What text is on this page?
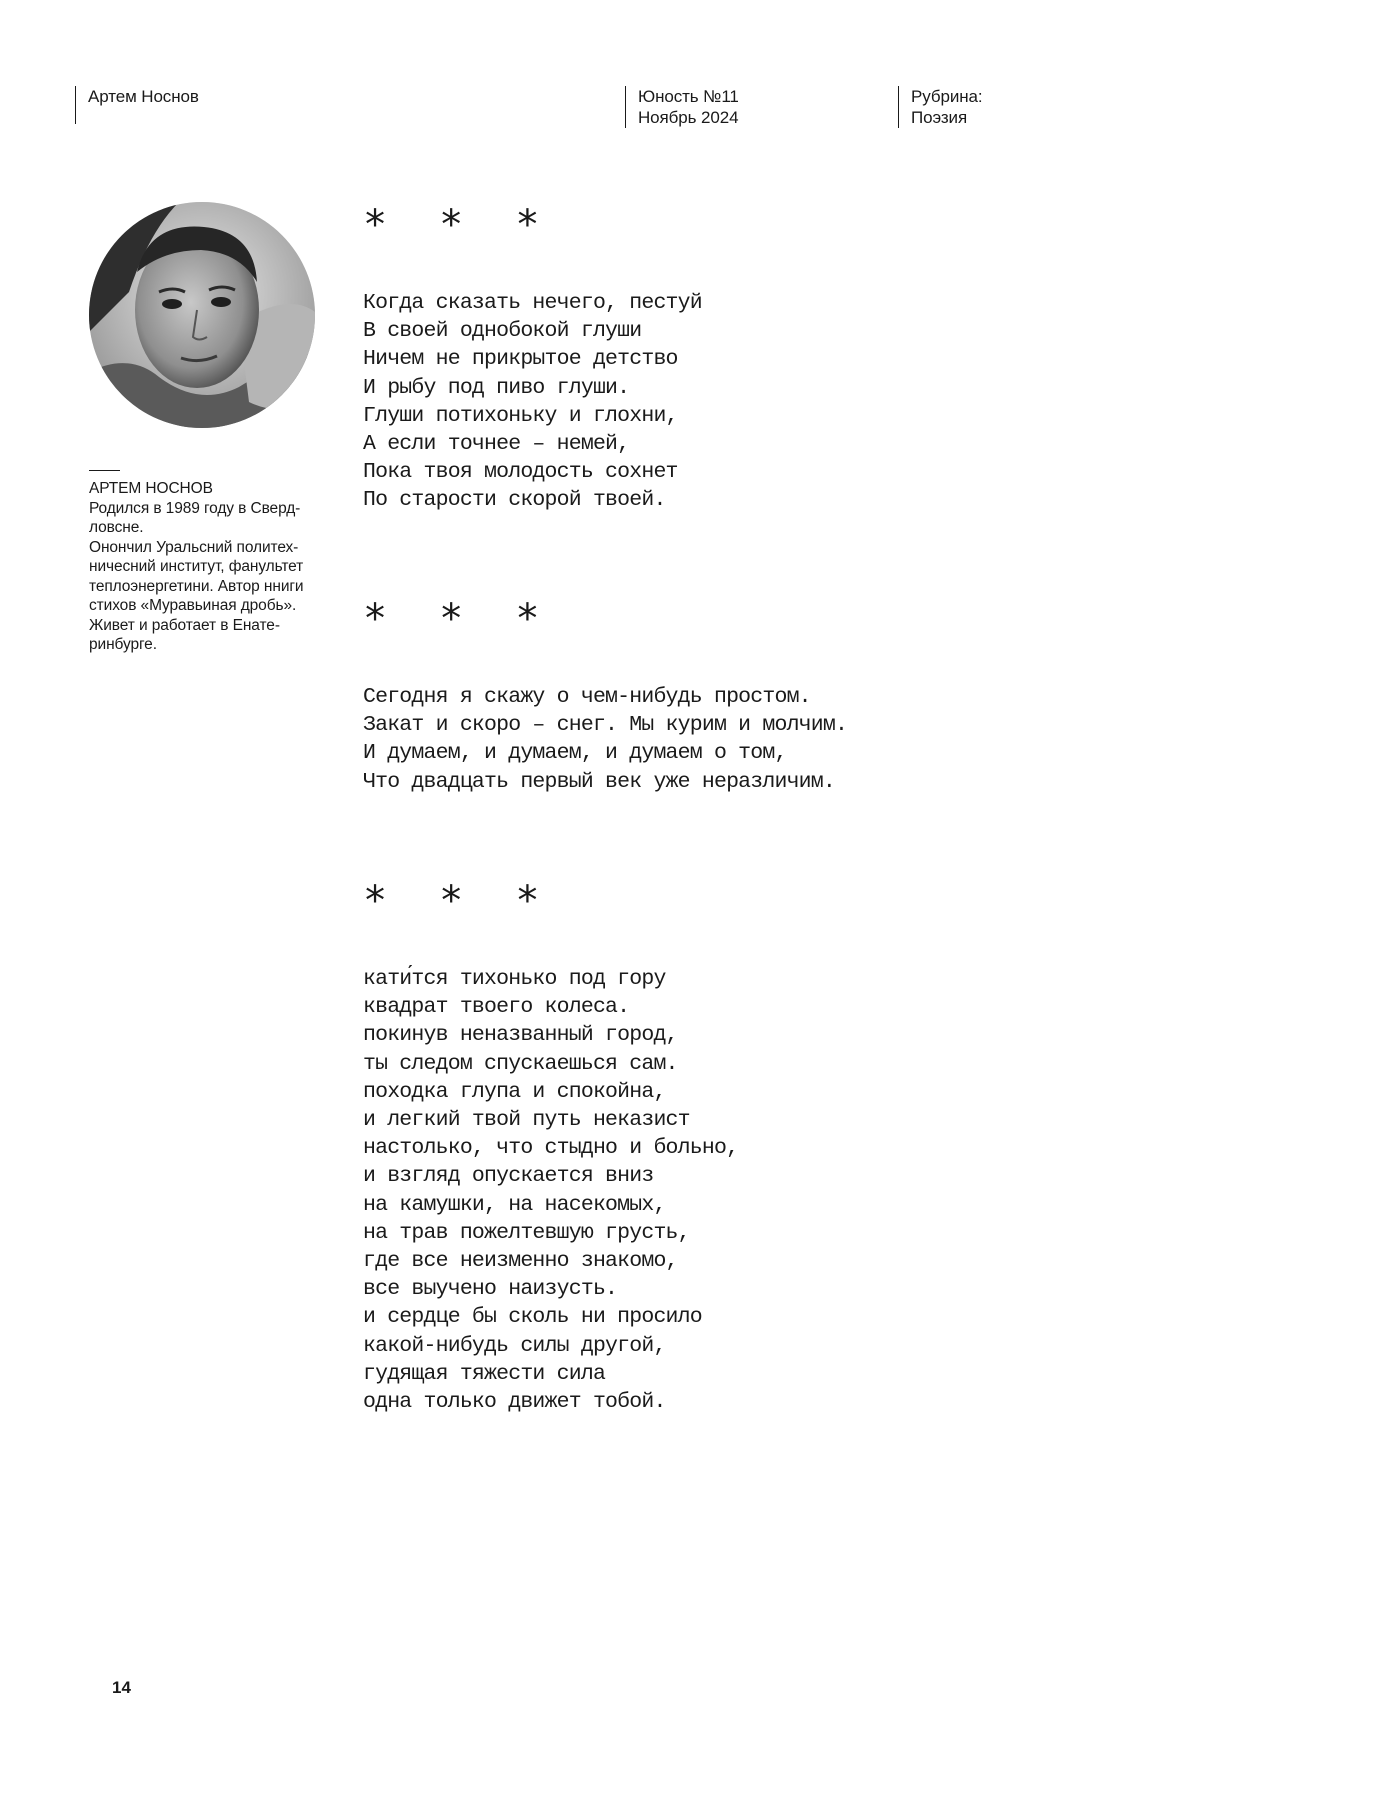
Артем Носнов	Юность №11
Ноябрь 2024
Рубрина:
Поэзия
АРТЕМ НОСНОВ
Родился в 1989 году в Сверд-
ловсне.
Онончил Уральсний политех-
ничесний институт, фанультет
теплоэнергетини. Автор нниги
стихов «Муравьиная дробь».
Живет и работает в Енате-
ринбурге.
* * *
Когда сказать нечего, пестуй
В своей однобокой глуши
Ничем не прикрытое детство
И рыбу под пиво глуши.
Глуши потихоньку и глохни,
А если точнее – немей,
Пока твоя молодость сохнет
По старости скорой твоей.
* * *
Сегодня я скажу о чем-нибудь простом.
Закат и скоро – снег. Мы курим и молчим.
И думаем, и думаем, и думаем о том,
Что двадцать первый век уже неразличим.
* * *
кати́тся тихонько под гору
квадрат твоего колеса.
покинув неназванный город,
ты следом спускаешься сам.
походка глупа и спокойна,
и легкий твой путь неказист
настолько, что стыдно и больно,
и взгляд опускается вниз
на камушки, на насекомых,
на трав пожелтевшую грусть,
где все неизменно знакомо,
все выучено наизусть.
и сердце бы сколь ни просило
какой-нибудь силы другой,
гудящая тяжести сила
одна только движет тобой.
14
